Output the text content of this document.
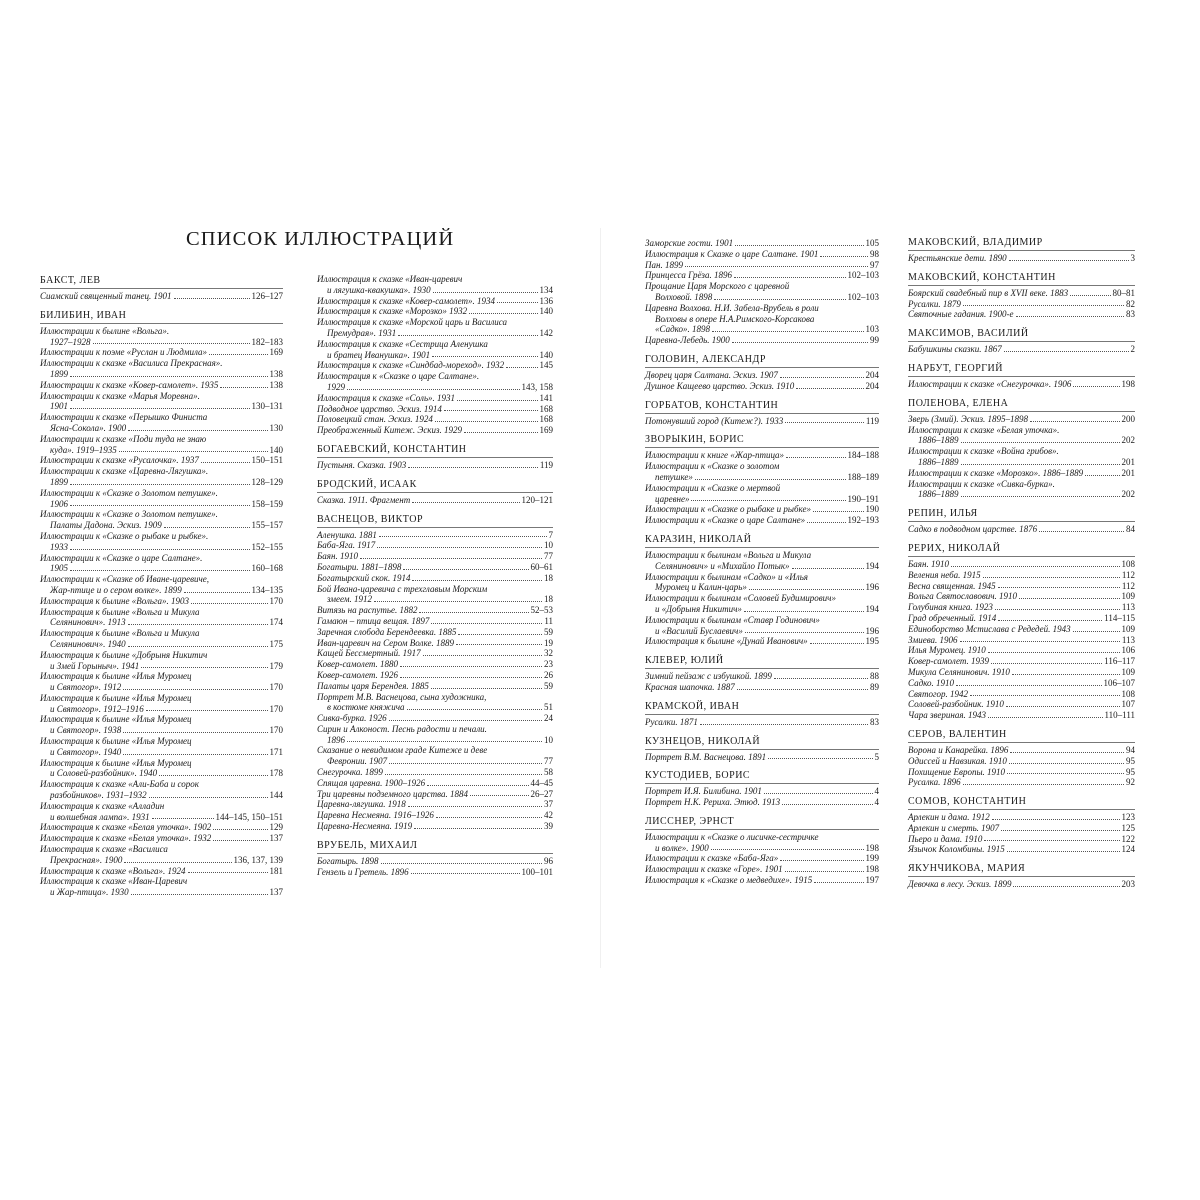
СПИСОК ИЛЛЮСТРАЦИЙ
БАКСТ, ЛЕВ
Сиамский священный танец. 1901	126–127
БИЛИБИН, ИВАН
Иллюстрации к былине «Вольга».
1927–1928	182–183
Иллюстрации к поэме «Руслан и Людмила»	169
Иллюстрации к сказке «Василиса Прекрасная».
1899	138
Иллюстрации к сказке «Ковер-самолет». 1935	138
Иллюстрации к сказке «Марья Моревна».
1901	130–131
Иллюстрации к сказке «Перышко Финиста
Ясна-Сокола». 1900	130
Иллюстрации к сказке «Поди туда не знаю
куда». 1919–1935	140
Иллюстрации к сказке «Русалочка». 1937	150–151
Иллюстрации к сказке «Царевна-Лягушка».
1899	128–129
Иллюстрации к «Сказке о Золотом петушке».
1906	158–159
Иллюстрации к «Сказке о Золотом петушке».
Палаты Дадона. Эскиз. 1909	155–157
Иллюстрации к «Сказке о рыбаке и рыбке».
1933	152–155
Иллюстрации к «Сказке о царе Салтане».
1905	160–168
Иллюстрации к «Сказке об Иване-царевиче,
Жар-птице и о сером волке». 1899	134–135
Иллюстрация к былине «Вольга». 1903	170
Иллюстрация к былине «Вольга и Микула
Селянинович». 1913	174
Иллюстрация к былине «Вольга и Микула
Селянинович». 1940	175
Иллюстрация к былине «Добрыня Никитич
и Змей Горыныч». 1941	179
Иллюстрация к былине «Илья Муромец
и Святогор». 1912	170
Иллюстрация к былине «Илья Муромец
и Святогор». 1912–1916	170
Иллюстрация к былине «Илья Муромец
и Святогор». 1938	170
Иллюстрация к былине «Илья Муромец
и Святогор». 1940	171
Иллюстрация к былине «Илья Муромец
и Соловей-разбойник». 1940	178
Иллюстрация к сказке «Али-Баба и сорок
разбойников». 1931–1932	144
Иллюстрация к сказке «Алладин
и волшебная лампа». 1931	144–145, 150–151
Иллюстрация к сказке «Белая уточка». 1902	129
Иллюстрация к сказке «Белая уточка». 1932	137
Иллюстрация к сказке «Василиса
Прекрасная». 1900	136, 137, 139
Иллюстрация к сказке «Вольга». 1924	181
Иллюстрация к сказке «Иван-Царевич
и Жар-птица». 1930	137
Иллюстрация к сказке «Иван-царевич
и лягушка-квакушка». 1930	134
Иллюстрация к сказке «Ковер-самолет». 1934	136
Иллюстрация к сказке «Морозко» 1932	140
Иллюстрация к сказке «Морской царь и Василиса
Премудрая». 1931	142
Иллюстрация к сказке «Сестрица Аленушка
и братец Иванушка». 1901	140
Иллюстрация к сказке «Синдбад-мореход». 1932	145
Иллюстрация к «Сказке о царе Салтане».
1929	143, 158
Иллюстрация к сказке «Соль». 1931	141
Подводное царство. Эскиз. 1914	168
Половецкий стан. Эскиз. 1924	168
Преображенный Китеж. Эскиз. 1929	169
БОГАЕВСКИЙ, КОНСТАНТИН
Пустыня. Сказка. 1903	119
БРОДСКИЙ, ИСААК
Сказка. 1911. Фрагмент	120–121
ВАСНЕЦОВ, ВИКТОР
Аленушка. 1881	7
Баба-Яга. 1917	10
Баян. 1910	77
Богатыри. 1881–1898	60–61
Богатырский скок. 1914	18
Бой Ивана-царевича с трехглавым Морским
змеем. 1912	18
Витязь на распутье. 1882	52–53
Гамаюн – птица вещая. 1897	11
Заречная слобода Берендеевка. 1885	59
Иван-царевич на Сером Волке. 1889	19
Кащей Бессмертный. 1917	32
Ковер-самолет. 1880	23
Ковер-самолет. 1926	26
Палаты царя Берендея. 1885	59
Портрет М.В. Васнецова, сына художника,
в костюме княжича	51
Сивка-бурка. 1926	24
Сирин и Алконост. Песнь радости и печали.
1896	10
Сказание о невидимом граде Китеже и деве
Февронии. 1907	77
Снегурочка. 1899	58
Спящая царевна. 1900–1926	44–45
Три царевны подземного царства. 1884	26–27
Царевна-лягушка. 1918	37
Царевна Несмеяна. 1916–1926	42
Царевна-Несмеяна. 1919	39
ВРУБЕЛЬ, МИХАИЛ
Богатырь. 1898	96
Гензель и Гретель. 1896	100–101
Заморские гости. 1901	105
Иллюстрация к Сказке о царе Салтане. 1901	98
Пан. 1899	97
Принцесса Грёза. 1896	102–103
Прощание Царя Морского с царевной
Волховой. 1898	102–103
Царевна Волхова. Н.И. Забела-Врубель в роли
Волховы в опере Н.А.Римского-Корсакова
«Садко». 1898	103
Царевна-Лебедь. 1900	99
ГОЛОВИН, АЛЕКСАНДР
Дворец царя Салтана. Эскиз. 1907	204
Душное Кащеево царство. Эскиз. 1910	204
ГОРБАТОВ, КОНСТАНТИН
Потонувший город (Китеж?). 1933	119
ЗВОРЫКИН, БОРИС
Иллюстрации к книге «Жар-птица»	184–188
Иллюстрации к «Сказке о золотом
петушке»	188–189
Иллюстрации к «Сказке о мертвой
царевне»	190–191
Иллюстрации к «Сказке о рыбаке и рыбке»	190
Иллюстрации к «Сказке о царе Салтане»	192–193
КАРАЗИН, НИКОЛАЙ
Иллюстрации к былинам «Вольга и Микула
Селянинович» и «Михайло Потык»	194
Иллюстрации к былинам «Садко» и «Илья
Муромец и Калин-царь»	196
Иллюстрации к былинам «Соловей Будимирович»
и «Добрыня Никитич»	194
Иллюстрации к былинам «Ставр Годинович»
и «Василий Буслаевич»	196
Иллюстрация к былине «Дунай Иванович»	195
КЛЕВЕР, ЮЛИЙ
Зимний пейзаж с избушкой. 1899	88
Красная шапочка. 1887	89
КРАМСКОЙ, ИВАН
Русалки. 1871	83
КУЗНЕЦОВ, НИКОЛАЙ
Портрет В.М. Васнецова. 1891	5
КУСТОДИЕВ, БОРИС
Портрет И.Я. Билибина. 1901	4
Портрет Н.К. Рериха. Этюд. 1913	4
ЛИССНЕР, ЭРНСТ
Иллюстрации к «Сказке о лисичке-сестричке
и волке». 1900	198
Иллюстрации к сказке «Баба-Яга»	199
Иллюстрации к сказке «Горе». 1901	198
Иллюстрация к «Сказке о медведихе». 1915	197
МАКОВСКИЙ, ВЛАДИМИР
Крестьянские дети. 1890	3
МАКОВСКИЙ, КОНСТАНТИН
Боярский свадебный пир в XVII веке. 1883	80–81
Русалки. 1879	82
Святочные гадания. 1900-е	83
МАКСИМОВ, ВАСИЛИЙ
Бабушкины сказки. 1867	2
НАРБУТ, ГЕОРГИЙ
Иллюстрации к сказке «Снегурочка». 1906	198
ПОЛЕНОВА, ЕЛЕНА
Зверь (Змий). Эскиз. 1895–1898	200
Иллюстрации к сказке «Белая уточка».
1886–1889	202
Иллюстрации к сказке «Война грибов».
1886–1889	201
Иллюстрации к сказке «Морозко». 1886–1889	201
Иллюстрации к сказке «Сивка-бурка».
1886–1889	202
РЕПИН, ИЛЬЯ
Садко в подводном царстве. 1876	84
РЕРИХ, НИКОЛАЙ
Баян. 1910	108
Веления неба. 1915	112
Весна священная. 1945	112
Вольга Святославович. 1910	109
Голубиная книга. 1923	113
Град обреченный. 1914	114–115
Единоборство Мстислава с Редедей. 1943	109
Змиева. 1906	113
Илья Муромец. 1910	106
Ковер-самолет. 1939	116–117
Микула Селянинович. 1910	109
Садко. 1910	106–107
Святогор. 1942	108
Соловей-разбойник. 1910	107
Чара звериная. 1943	110–111
СЕРОВ, ВАЛЕНТИН
Ворона и Канарейка. 1896	94
Одиссей и Навзикая. 1910	95
Похищение Европы. 1910	95
Русалка. 1896	92
СОМОВ, КОНСТАНТИН
Арлекин и дама. 1912	123
Арлекин и смерть. 1907	125
Пьеро и дама. 1910	122
Язычок Коломбины. 1915	124
ЯКУНЧИКОВА, МАРИЯ
Девочка в лесу. Эскиз. 1899	203
